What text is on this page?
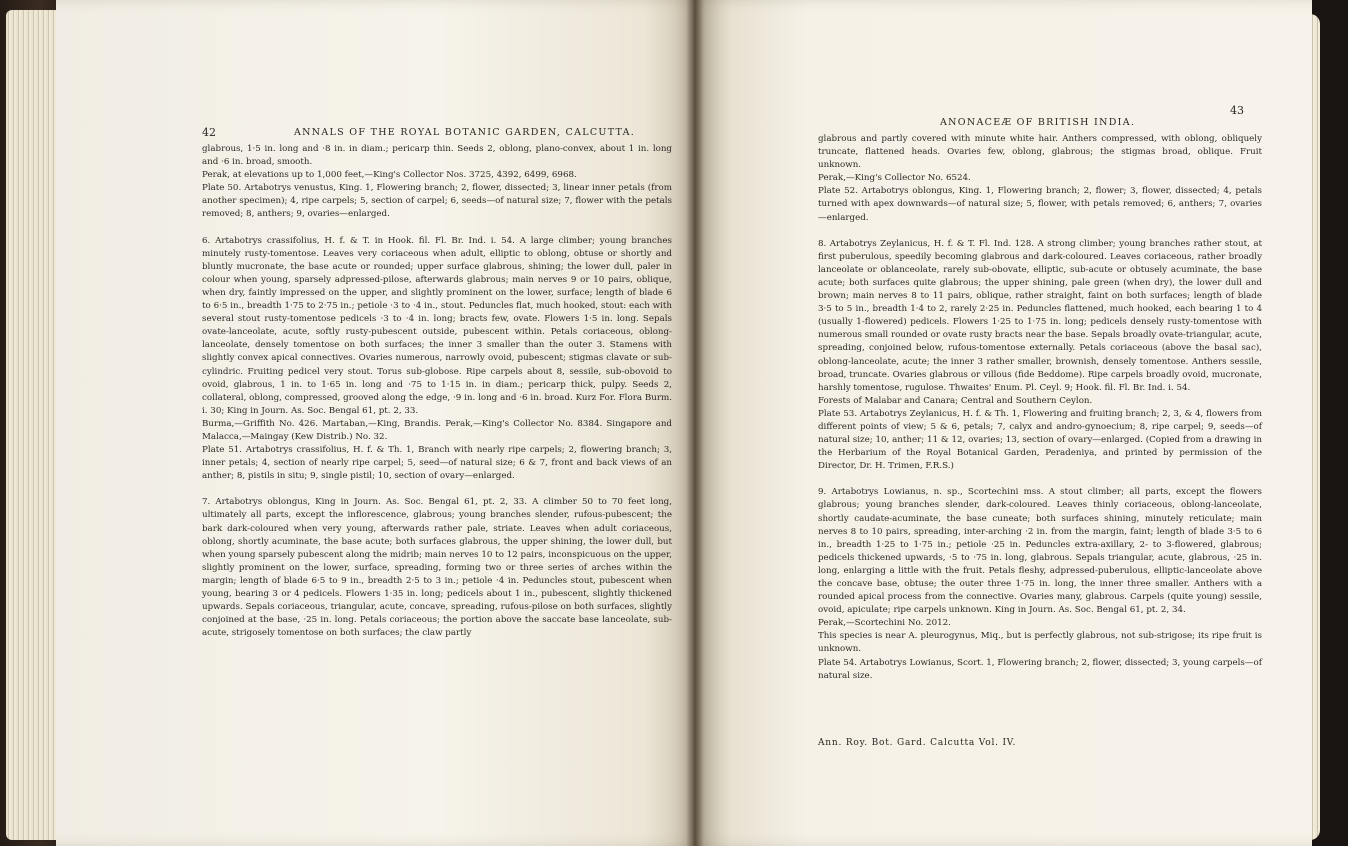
42	ANNALS OF THE ROYAL BOTANIC GARDEN, CALCUTTA.

glabrous, 1·5 in. long and ·8 in. in diam.; pericarp thin. Seeds 2, oblong, plano-convex, about 1 in. long and ·6 in. broad, smooth.

Perak, at elevations up to 1,000 feet,—King's Collector Nos. 3725, 4392, 6499, 6968.

Plate 50. Artabotrys venustus, King. 1, Flowering branch; 2, flower, dissected; 3, linear inner petals (from another specimen); 4, ripe carpels; 5, section of carpel; 6, seeds—of natural size; 7, flower with the petals removed; 8, anthers; 9, ovaries—enlarged.

6. Artabotrys crassifolius, H. f. & T. in Hook. fil. Fl. Br. Ind. i. 54. A large climber; young branches minutely rusty-tomentose. Leaves very coriaceous when adult, elliptic to oblong, obtuse or shortly and bluntly mucronate, the base acute or rounded; upper surface glabrous, shining; the lower dull, paler in colour when young, sparsely adpressed-pilose, afterwards glabrous; main nerves 9 or 10 pairs, oblique, when dry, faintly impressed on the upper, and slightly prominent on the lower, surface; length of blade 6 to 6·5 in., breadth 1·75 to 2·75 in.; petiole ·3 to ·4 in., stout. Peduncles flat, much hooked, stout: each with several stout rusty-tomentose pedicels ·3 to ·4 in. long; bracts few, ovate. Flowers 1·5 in. long. Sepals ovate-lanceolate, acute, softly rusty-pubescent outside, pubescent within. Petals coriaceous, oblong-lanceolate, densely tomentose on both surfaces; the inner 3 smaller than the outer 3. Stamens with slightly convex apical connectives. Ovaries numerous, narrowly ovoid, pubescent; stigmas clavate or sub-cylindric. Fruiting pedicel very stout. Torus sub-globose. Ripe carpels about 8, sessile, sub-obovoid to ovoid, glabrous, 1 in. to 1·65 in. long and ·75 to 1·15 in. in diam.; pericarp thick, pulpy. Seeds 2, collateral, oblong, compressed, grooved along the edge, ·9 in. long and ·6 in. broad. Kurz For. Flora Burm. i. 30; King in Journ. As. Soc. Bengal 61, pt. 2, 33.

Burma,—Griffith No. 426. Martaban,—King, Brandis. Perak,—King's Collector No. 8384. Singapore and Malacca,—Maingay (Kew Distrib.) No. 32.

Plate 51. Artabotrys crassifolius, H. f. & Th. 1, Branch with nearly ripe carpels; 2, flowering branch; 3, inner petals; 4, section of nearly ripe carpel; 5, seed—of natural size; 6 & 7, front and back views of an anther; 8, pistils in situ; 9, single pistil; 10, section of ovary—enlarged.

7. Artabotrys oblongus, King in Journ. As. Soc. Bengal 61, pt. 2, 33. A climber 50 to 70 feet long, ultimately all parts, except the inflorescence, glabrous; young branches slender, rufous-pubescent; the bark dark-coloured when very young, afterwards rather pale, striate. Leaves when adult coriaceous, oblong, shortly acuminate, the base acute; both surfaces glabrous, the upper shining, the lower dull, but when young sparsely pubescent along the midrib; main nerves 10 to 12 pairs, inconspicuous on the upper, slightly prominent on the lower, surface, spreading, forming two or three series of arches within the margin; length of blade 6·5 to 9 in., breadth 2·5 to 3 in.; petiole ·4 in. Peduncles stout, pubescent when young, bearing 3 or 4 pedicels. Flowers 1·35 in. long; pedicels about 1 in., pubescent, slightly thickened upwards. Sepals coriaceous, triangular, acute, concave, spreading, rufous-pilose on both surfaces, slightly conjoined at the base, ·25 in. long. Petals coriaceous; the portion above the saccate base lanceolate, sub-acute, strigosely tomentose on both surfaces; the claw partly

ANONACEÆ OF BRITISH INDIA.
43

glabrous and partly covered with minute white hair. Anthers compressed, with oblong, obliquely truncate, flattened heads. Ovaries few, oblong, glabrous; the stigmas broad, oblique. Fruit unknown.

Perak,—King's Collector No. 6524.

Plate 52. Artabotrys oblongus, King. 1, Flowering branch; 2, flower; 3, flower, dissected; 4, petals turned with apex downwards—of natural size; 5, flower, with petals removed; 6, anthers; 7, ovaries—enlarged.

8. Artabotrys Zeylanicus, H. f. & T. Fl. Ind. 128. A strong climber; young branches rather stout, at first puberulous, speedily becoming glabrous and dark-coloured. Leaves coriaceous, rather broadly lanceolate or oblanceolate, rarely sub-obovate, elliptic, sub-acute or obtusely acuminate, the base acute; both surfaces quite glabrous; the upper shining, pale green (when dry), the lower dull and brown; main nerves 8 to 11 pairs, oblique, rather straight, faint on both surfaces; length of blade 3·5 to 5 in., breadth 1·4 to 2, rarely 2·25 in. Peduncles flattened, much hooked, each bearing 1 to 4 (usually 1-flowered) pedicels. Flowers 1·25 to 1·75 in. long; pedicels densely rusty-tomentose with numerous small rounded or ovate rusty bracts near the base. Sepals broadly ovate-triangular, acute, spreading, conjoined below, rufous-tomentose externally. Petals coriaceous (above the basal sac), oblong-lanceolate, acute; the inner 3 rather smaller, brownish, densely tomentose. Anthers sessile, broad, truncate. Ovaries glabrous or villous (fide Beddome). Ripe carpels broadly ovoid, mucronate, harshly tomentose, rugulose. Thwaites' Enum. Pl. Ceyl. 9; Hook. fil. Fl. Br. Ind. i. 54.

Forests of Malabar and Canara; Central and Southern Ceylon.

Plate 53. Artabotrys Zeylanicus, H. f. & Th. 1, Flowering and fruiting branch; 2, 3, & 4, flowers from different points of view; 5 & 6, petals; 7, calyx and andro-gynoecium; 8, ripe carpel; 9, seeds—of natural size; 10, anther; 11 & 12, ovaries; 13, section of ovary—enlarged. (Copied from a drawing in the Herbarium of the Royal Botanical Garden, Peradeniya, and printed by permission of the Director, Dr. H. Trimen, F.R.S.)

9. Artabotrys Lowianus, n. sp., Scortechini mss. A stout climber; all parts, except the flowers glabrous; young branches slender, dark-coloured. Leaves thinly coriaceous, oblong-lanceolate, shortly caudate-acuminate, the base cuneate; both surfaces shining, minutely reticulate; main nerves 8 to 10 pairs, spreading, inter-arching ·2 in. from the margin, faint; length of blade 3·5 to 6 in., breadth 1·25 to 1·75 in.; petiole ·25 in. Peduncles extra-axillary, 2- to 3-flowered, glabrous; pedicels thickened upwards, ·5 to ·75 in. long, glabrous. Sepals triangular, acute, glabrous, ·25 in. long, enlarging a little with the fruit. Petals fleshy, adpressed-puberulous, elliptic-lanceolate above the concave base, obtuse; the outer three 1·75 in. long, the inner three smaller. Anthers with a rounded apical process from the connective. Ovaries many, glabrous. Carpels (quite young) sessile, ovoid, apiculate; ripe carpels unknown. King in Journ. As. Soc. Bengal 61, pt. 2, 34.

Perak,—Scortechini No. 2012.

This species is near A. pleurogynus, Miq., but is perfectly glabrous, not sub-strigose; its ripe fruit is unknown.

Plate 54. Artabotrys Lowianus, Scort. 1, Flowering branch; 2, flower, dissected; 3, young carpels—of natural size.

Ann. Roy. Bot. Gard. Calcutta Vol. IV.
